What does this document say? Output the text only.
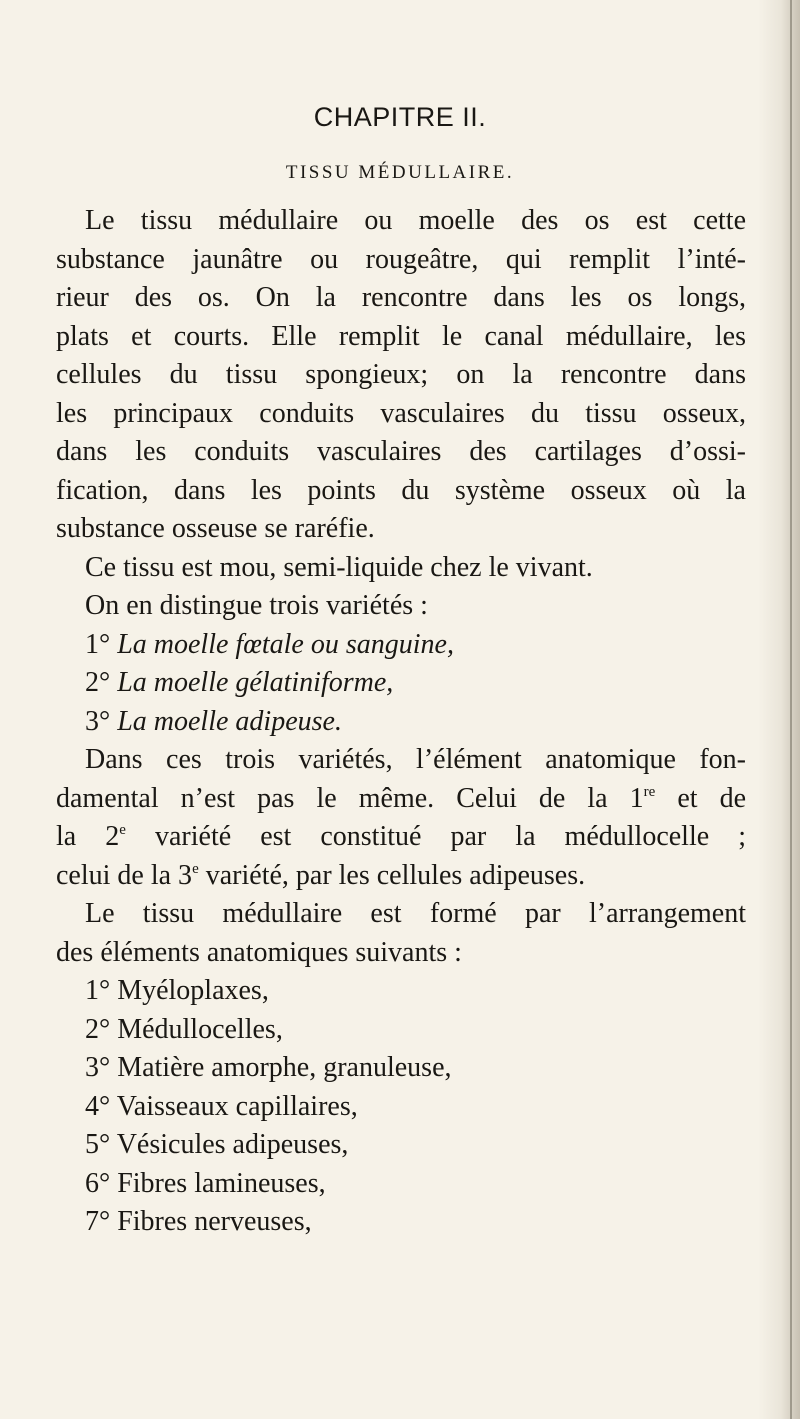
CHAPITRE II.
TISSU MÉDULLAIRE.
Le tissu médullaire ou moelle des os est cette
substance jaunâtre ou rougeâtre, qui remplit l’inté-
rieur des os. On la rencontre dans les os longs,
plats et courts. Elle remplit le canal médullaire, les
cellules du tissu spongieux; on la rencontre dans
les principaux conduits vasculaires du tissu osseux,
dans les conduits vasculaires des cartilages d’ossi-
fication, dans les points du système osseux où la
substance osseuse se raréfie.
Ce tissu est mou, semi-liquide chez le vivant.
On en distingue trois variétés :
1° La moelle fœtale ou sanguine,
2° La moelle gélatiniforme,
3° La moelle adipeuse.
Dans ces trois variétés, l’élément anatomique fon-
damental n’est pas le même. Celui de la 1re et de
la 2e variété est constitué par la médullocelle ;
celui de la 3e variété, par les cellules adipeuses.
Le tissu médullaire est formé par l’arrangement
des éléments anatomiques suivants :
1° Myéloplaxes,
2° Médullocelles,
3° Matière amorphe, granuleuse,
4° Vaisseaux capillaires,
5° Vésicules adipeuses,
6° Fibres lamineuses,
7° Fibres nerveuses,
